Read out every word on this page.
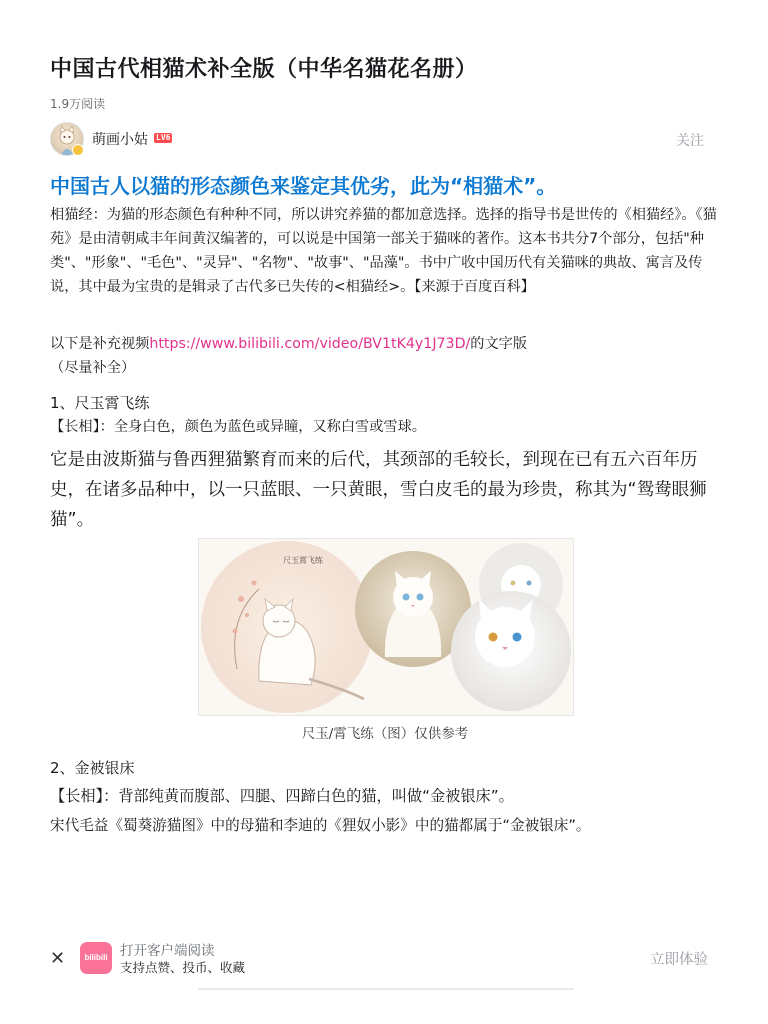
中国古代相猫术补全版（中华名猫花名册）
1.9万阅读
萌画小姑 LV6	关注
中国古人以猫的形态颜色来鉴定其优劣，此为“相猫术”。
相猫经：为猫的形态颜色有种种不同，所以讲究养猫的都加意选择。选择的指导书是世传的《相猫经》。《猫苑》是由清朝咸丰年间黄汉编著的，可以说是中国第一部关于猫咪的著作。这本书共分7个部分，包括"种类"、"形象"、"毛色"、"灵异"、"名物"、"故事"、"品藻"。书中广收中国历代有关猫咪的典故、寓言及传说，其中最为宝贵的是辑录了古代多已失传的<相猫经>。【来源于百度百科】
以下是补充视频https://www.bilibili.com/video/BV1tK4y1J73D/的文字版
（尽量补全）
1、尺玉霄飞练
【长相】：全身白色，颜色为蓝色或异瞳，又称白雪或雪球。
它是由波斯猫与鲁西狸猫繁育而来的后代，其颈部的毛较长，到现在已有五六百年历史，在诸多品种中，以一只蓝眼、一只黄眼，雪白皮毛的最为珍贵，称其为“鸳鸯眼狮猫”。
尺玉霄飞练
尺玉/霄飞练（图）仅供参考
2、金被银床
【长相】：背部纯黄而腹部、四腿、四蹄白色的猫，叫做“金被银床”。
宋代毛益《蜀葵游猫图》中的母猫和李迪的《狸奴小影》中的猫都属于“金被银床”。
✕	bilibili 打开客户端阅读
支持点赞、投币、收藏	立即体验
